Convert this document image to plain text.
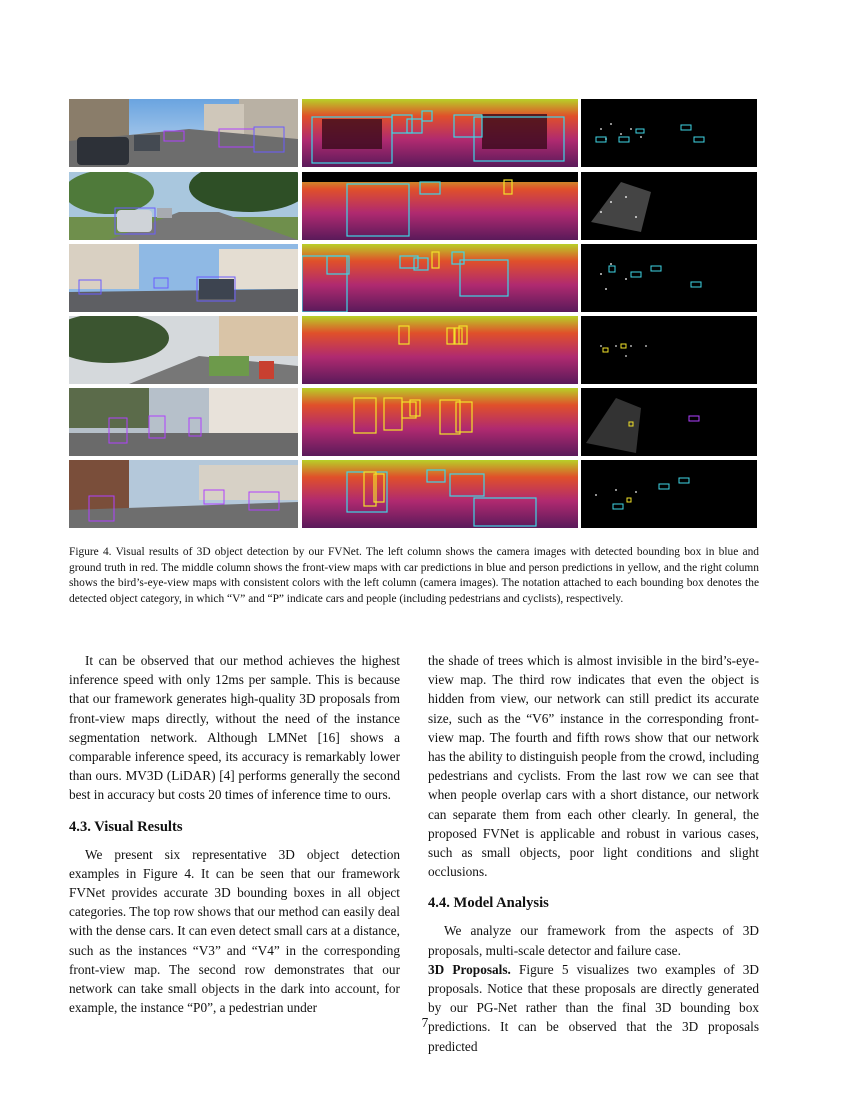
Figure 4. Visual results of 3D object detection by our FVNet. The left column shows the camera images with detected bounding box in blue and ground truth in red. The middle column shows the front-view maps with car predictions in blue and person predictions in yellow, and the right column shows the bird’s-eye-view maps with consistent colors with the left column (camera images). The notation attached to each bounding box denotes the detected object category, in which “V” and “P” indicate cars and people (including pedestrians and cyclists), respectively.

It can be observed that our method achieves the highest inference speed with only 12ms per sample. This is because that our framework generates high-quality 3D proposals from front-view maps directly, without the need of the instance segmentation network. Although LMNet [16] shows a comparable inference speed, its accuracy is remarkably lower than ours. MV3D (LiDAR) [4] performs generally the second best in accuracy but costs 20 times of inference time to ours.

4.3. Visual Results

We present six representative 3D object detection examples in Figure 4. It can be seen that our framework FVNet provides accurate 3D bounding boxes in all object categories. The top row shows that our method can easily deal with the dense cars. It can even detect small cars at a distance, such as the instances “V3” and “V4” in the corresponding front-view map. The second row demonstrates that our network can take small objects in the dark into account, for example, the instance “P0”, a pedestrian under

the shade of trees which is almost invisible in the bird’s-eye-view map. The third row indicates that even the object is hidden from view, our network can still predict its accurate size, such as the “V6” instance in the corresponding front-view map. The fourth and fifth rows show that our network has the ability to distinguish people from the crowd, including pedestrians and cyclists. From the last row we can see that when people overlap cars with a short distance, our network can separate them from each other clearly. In general, the proposed FVNet is applicable and robust in various cases, such as small objects, poor light conditions and slight occlusions.

4.4. Model Analysis

We analyze our framework from the aspects of 3D proposals, multi-scale detector and failure case.

3D Proposals. Figure 5 visualizes two examples of 3D proposals. Notice that these proposals are directly generated by our PG-Net rather than the final 3D bounding box predictions. It can be observed that the 3D proposals predicted

7
